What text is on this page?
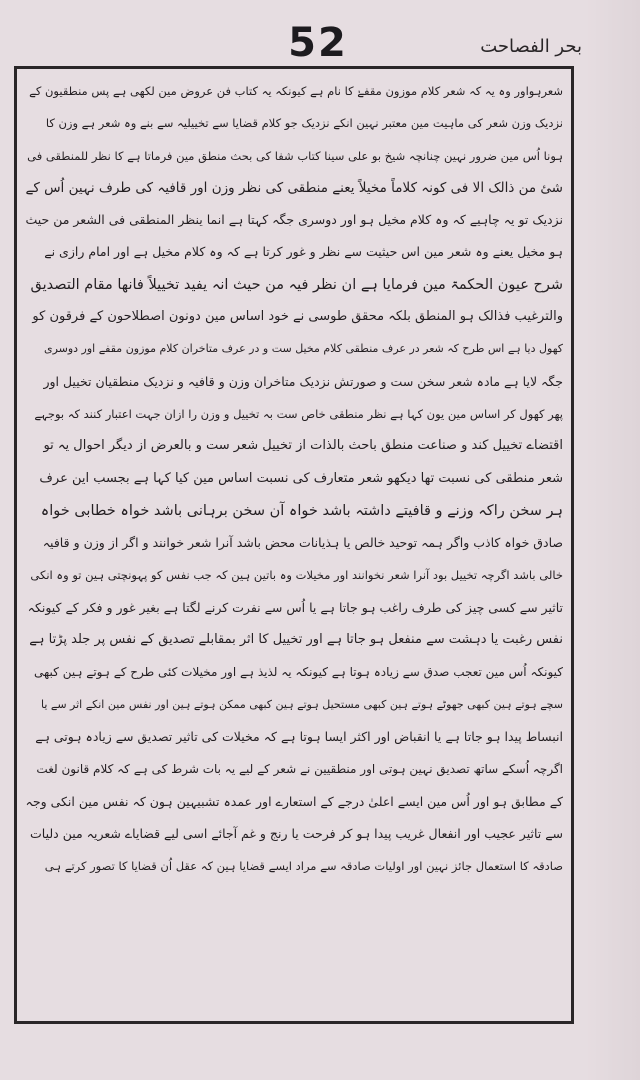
52	بحر الفصاحت
شعرہواور وہ یہ کہ شعر کلام موزون مقفےٰ کا نام ہے کیونکہ یہ کتاب فن عروض مین لکھی ہے پس منطقیون کے
نزدیک وزن شعر کی ماہیت مین معتبر نہین انکے نزدیک جو کلام قضایا سے تخییلیہ سے بنے وہ شعر ہے وزن کا
ہونا اُس مین ضرور نہین چنانچہ شیخ بو علی سینا کتاب شفا کی بحث منطق مین فرماتا ہے کا نظر للمنطقی فی
شئ من ذالک الا فی کونہ کلاماً مخیلاً یعنے منطقی کی نظر وزن اور قافیہ کی طرف نہین اُس کے
نزدیک تو یہ چاہیے کہ وہ کلام مخیل ہو اور دوسری جگہ کہتا ہے انما ینظر المنطقی فی الشعر من حیث
ہو مخیل یعنے وہ شعر مین اس حیثیت سے نظر و غور کرتا ہے کہ وہ کلام مخیل ہے اور امام رازی نے
شرح عیون الحکمۃ مین فرمایا ہے ان نظر فیہ من حیث انہ یفید تخییلاً فانھا مقام التصدیق
والترغیب فذالک ہو المنطق بلکہ محقق طوسی نے خود اساس مین دونون اصطلاحون کے فرقون کو
کھول دیا ہے اس طرح کہ شعر در عرف منطقی کلام مخیل ست و در عرف متاخران کلام موزون مقفے اور دوسری
جگہ لایا ہے مادہ شعر سخن ست و صورتش نزدیک متاخران وزن و قافیہ و نزدیک منطقیان تخییل اور
پھر کھول کر اساس مین یون کہا ہے نظر منطقی خاص ست بہ تخییل و وزن را ازان جہت اعتبار کنند کہ بوجہے
اقتضاے تخییل کند و صناعت منطق باحث بالذات از تخییل شعر ست و بالعرض از دیگر احوال یہ تو
شعر منطقی کی نسبت تھا دیکھو شعر متعارف کی نسبت اساس مین کیا کہا ہے بجسب این عرف
ہر سخن راکہ وزنے و قافیتے داشتہ باشد خواہ آن سخن برہانی باشد خواہ خطابی خواہ
صادق خواہ کاذب واگر ہمہ توحید خالص یا ہذیانات محض باشد آنرا شعر خوانند و اگر از وزن و قافیہ
خالی باشد اگرچہ تخییل بود آنرا شعر نخوانند اور مخیلات وہ باتین ہین کہ جب نفس کو پہونچتی ہین تو وہ انکی
تاثیر سے کسی چیز کی طرف راغب ہو جاتا ہے یا اُس سے نفرت کرنے لگتا ہے بغیر غور و فکر کے کیونکہ
نفس رغبت یا دہشت سے منفعل ہو جاتا ہے اور تخییل کا اثر بمقابلے تصدیق کے نفس پر جلد پڑتا ہے
کیونکہ اُس مین تعجب صدق سے زیادہ ہوتا ہے کیونکہ یہ لذیذ ہے اور مخیلات کئی طرح کے ہوتے ہین کبھی
سچے ہوتے ہین کبھی جھوٹے ہوتے ہین کبھی مستحیل ہوتے ہین کبھی ممکن ہوتے ہین اور نفس مین انکے اثر سے یا
انبساط پیدا ہو جاتا ہے یا انقباض اور اکثر ایسا ہوتا ہے کہ مخیلات کی تاثیر تصدیق سے زیادہ ہوتی ہے
اگرچہ اُسکے ساتھ تصدیق نہین ہوتی اور منطقیین نے شعر کے لیے یہ بات شرط کی ہے کہ کلام قانون لغت
کے مطابق ہو اور اُس مین ایسے اعلیٰ درجے کے استعارے اور عمدہ تشبیہین ہون کہ نفس مین انکی وجہ
سے تاثیر عجیب اور انفعال غریب پیدا ہو کر فرحت یا رنج و غم آجائے اسی لیے قضایاے شعریہ مین دلیات
صادقہ کا استعمال جائز نہین اور اولیات صادقہ سے مراد ایسے قضایا ہین کہ عقل اُن قضایا کا تصور کرتے ہی
